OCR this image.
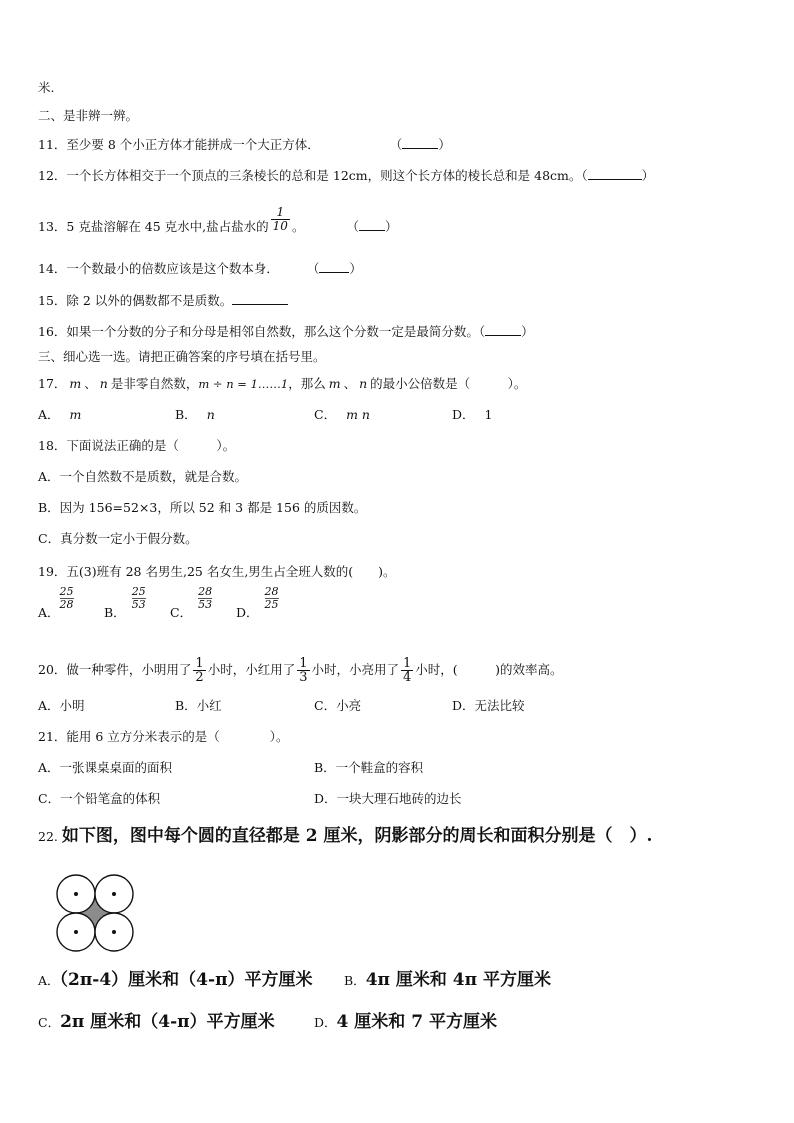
米.
二、是非辨一辨。
11．至少要 8 个小正方体才能拼成一个大正方体．	（	）
12．一个长方体相交于一个顶点的三条棱长的总和是 12cm，则这个长方体的棱长总和是 48cm。（	）
13．5 克盐溶解在 45 克水中,盐占盐水的 $\frac{1}{10}$ 。	（ ）
14．一个数最小的倍数应该是这个数本身． （ ）
15．除 2 以外的偶数都不是质数。
16．如果一个分数的分子和分母是相邻自然数，那么这个分数一定是最简分数。（	）
三、细心选一选。请把正确答案的序号填在括号里。
17． m 、 n 是非零自然数，m ÷ n = 1……1，那么 m 、 n 的最小公倍数是（　　　）。
A． m	B． n	C． m n	D． 1
18．下面说法正确的是（　　　）。
A．一个自然数不是质数，就是合数。
B．因为 156=52×3，所以 52 和 3 都是 156 的质因数。
C．真分数一定小于假分数。
19．五(3)班有 28 名男生,25 名女生,男生占全班人数的(　　)。
A．
$\frac{25}{28}$
B．
$\frac{25}{53}$
C．
$\frac{28}{53}$
D．
$\frac{28}{25}$
20．做一种零件，小明用了 $\frac{1}{2}$ 小时，小红用了 $\frac{1}{3}$ 小时，小亮用了 $\frac{1}{4}$ 小时，(　　　)的效率高。
A．小明	B．小红	C．小亮	D．无法比较
21．能用 6 立方分米表示的是（　　　　）。
A．一张课桌桌面的面积	B．一个鞋盒的容积
C．一个铅笔盒的体积	D．一块大理石地砖的边长
22. 如下图，图中每个圆的直径都是 2 厘米，阴影部分的周长和面积分别是（　）.
A．（2π-4）厘米和（4-π）平方厘米	B．4π 厘米和 4π 平方厘米
C．2π 厘米和（4-π）平方厘米	D．4 厘米和 7 平方厘米
